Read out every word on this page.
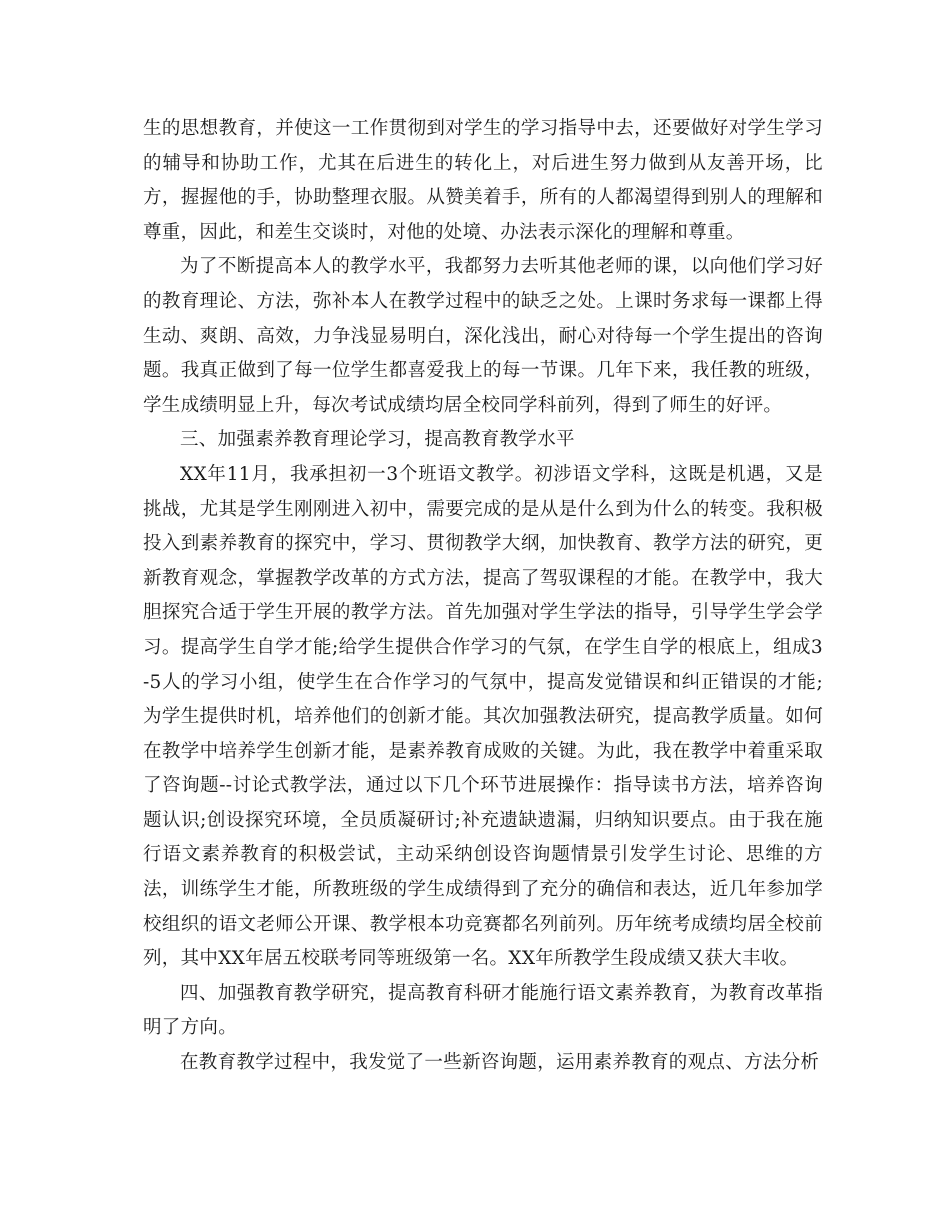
生的思想教育，并使这一工作贯彻到对学生的学习指导中去，还要做好对学生学习的辅导和协助工作，尤其在后进生的转化上，对后进生努力做到从友善开场，比方，握握他的手，协助整理衣服。从赞美着手，所有的人都渴望得到别人的理解和尊重，因此，和差生交谈时，对他的处境、办法表示深化的理解和尊重。

为了不断提高本人的教学水平，我都努力去听其他老师的课，以向他们学习好的教育理论、方法，弥补本人在教学过程中的缺乏之处。上课时务求每一课都上得生动、爽朗、高效，力争浅显易明白，深化浅出，耐心对待每一个学生提出的咨询题。我真正做到了每一位学生都喜爱我上的每一节课。几年下来，我任教的班级，学生成绩明显上升，每次考试成绩均居全校同学科前列，得到了师生的好评。

三、加强素养教育理论学习，提高教育教学水平

XX年11月，我承担初一3个班语文教学。初涉语文学科，这既是机遇，又是挑战，尤其是学生刚刚进入初中，需要完成的是从是什么到为什么的转变。我积极投入到素养教育的探究中，学习、贯彻教学大纲，加快教育、教学方法的研究，更新教育观念，掌握教学改革的方式方法，提高了驾驭课程的才能。在教学中，我大胆探究合适于学生开展的教学方法。首先加强对学生学法的指导，引导学生学会学习。提高学生自学才能;给学生提供合作学习的气氛，在学生自学的根底上，组成3-5人的学习小组，使学生在合作学习的气氛中，提高发觉错误和纠正错误的才能;为学生提供时机，培养他们的创新才能。其次加强教法研究，提高教学质量。如何在教学中培养学生创新才能，是素养教育成败的关键。为此，我在教学中着重采取了咨询题--讨论式教学法，通过以下几个环节进展操作：指导读书方法，培养咨询题认识;创设探究环境，全员质凝研讨;补充遗缺遗漏，归纳知识要点。由于我在施行语文素养教育的积极尝试，主动采纳创设咨询题情景引发学生讨论、思维的方法，训练学生才能，所教班级的学生成绩得到了充分的确信和表达，近几年参加学校组织的语文老师公开课、教学根本功竞赛都名列前列。历年统考成绩均居全校前列，其中XX年居五校联考同等班级第一名。XX年所教学生段成绩又获大丰收。

四、加强教育教学研究，提高教育科研才能施行语文素养教育，为教育改革指明了方向。

在教育教学过程中，我发觉了一些新咨询题，运用素养教育的观点、方法分析
